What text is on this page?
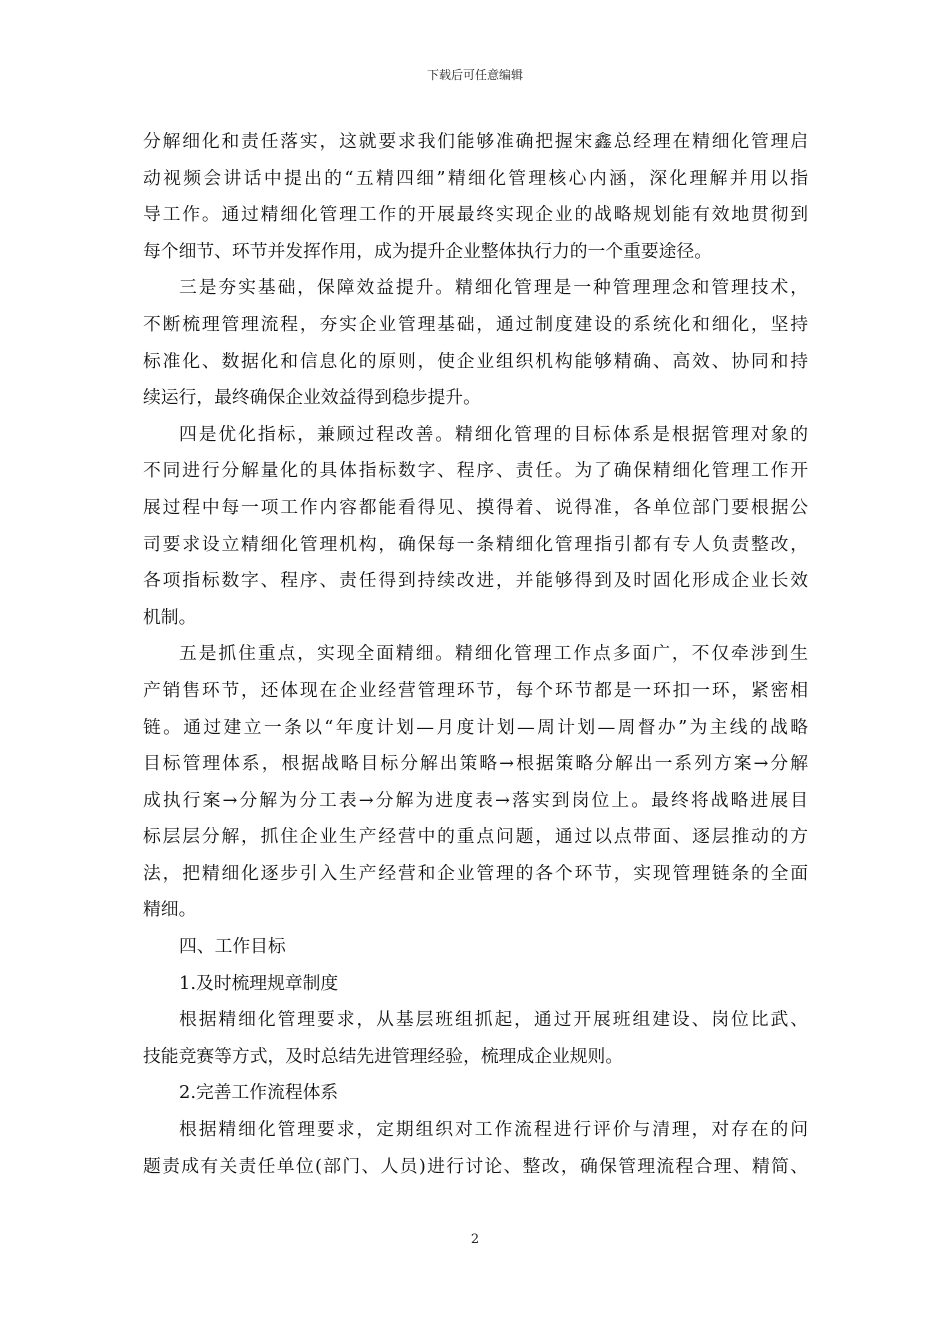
下载后可任意编辑
分解细化和责任落实，这就要求我们能够准确把握宋鑫总经理在精细化管理启
动视频会讲话中提出的“五精四细”精细化管理核心内涵，深化理解并用以指
导工作。通过精细化管理工作的开展最终实现企业的战略规划能有效地贯彻到
每个细节、环节并发挥作用，成为提升企业整体执行力的一个重要途径。
三是夯实基础，保障效益提升。精细化管理是一种管理理念和管理技术，
不断梳理管理流程，夯实企业管理基础，通过制度建设的系统化和细化，坚持
标准化、数据化和信息化的原则，使企业组织机构能够精确、高效、协同和持
续运行，最终确保企业效益得到稳步提升。
四是优化指标，兼顾过程改善。精细化管理的目标体系是根据管理对象的
不同进行分解量化的具体指标数字、程序、责任。为了确保精细化管理工作开
展过程中每一项工作内容都能看得见、摸得着、说得准，各单位部门要根据公
司要求设立精细化管理机构，确保每一条精细化管理指引都有专人负责整改，
各项指标数字、程序、责任得到持续改进，并能够得到及时固化形成企业长效
机制。
五是抓住重点，实现全面精细。精细化管理工作点多面广，不仅牵涉到生
产销售环节，还体现在企业经营管理环节，每个环节都是一环扣一环，紧密相
链。通过建立一条以“年度计划—月度计划—周计划—周督办”为主线的战略
目标管理体系，根据战略目标分解出策略→根据策略分解出一系列方案→分解
成执行案→分解为分工表→分解为进度表→落实到岗位上。最终将战略进展目
标层层分解，抓住企业生产经营中的重点问题，通过以点带面、逐层推动的方
法，把精细化逐步引入生产经营和企业管理的各个环节，实现管理链条的全面
精细。
四、工作目标
1.及时梳理规章制度
根据精细化管理要求，从基层班组抓起，通过开展班组建设、岗位比武、
技能竞赛等方式，及时总结先进管理经验，梳理成企业规则。
2.完善工作流程体系
根据精细化管理要求，定期组织对工作流程进行评价与清理，对存在的问
题责成有关责任单位(部门、人员)进行讨论、整改，确保管理流程合理、精简、
2
